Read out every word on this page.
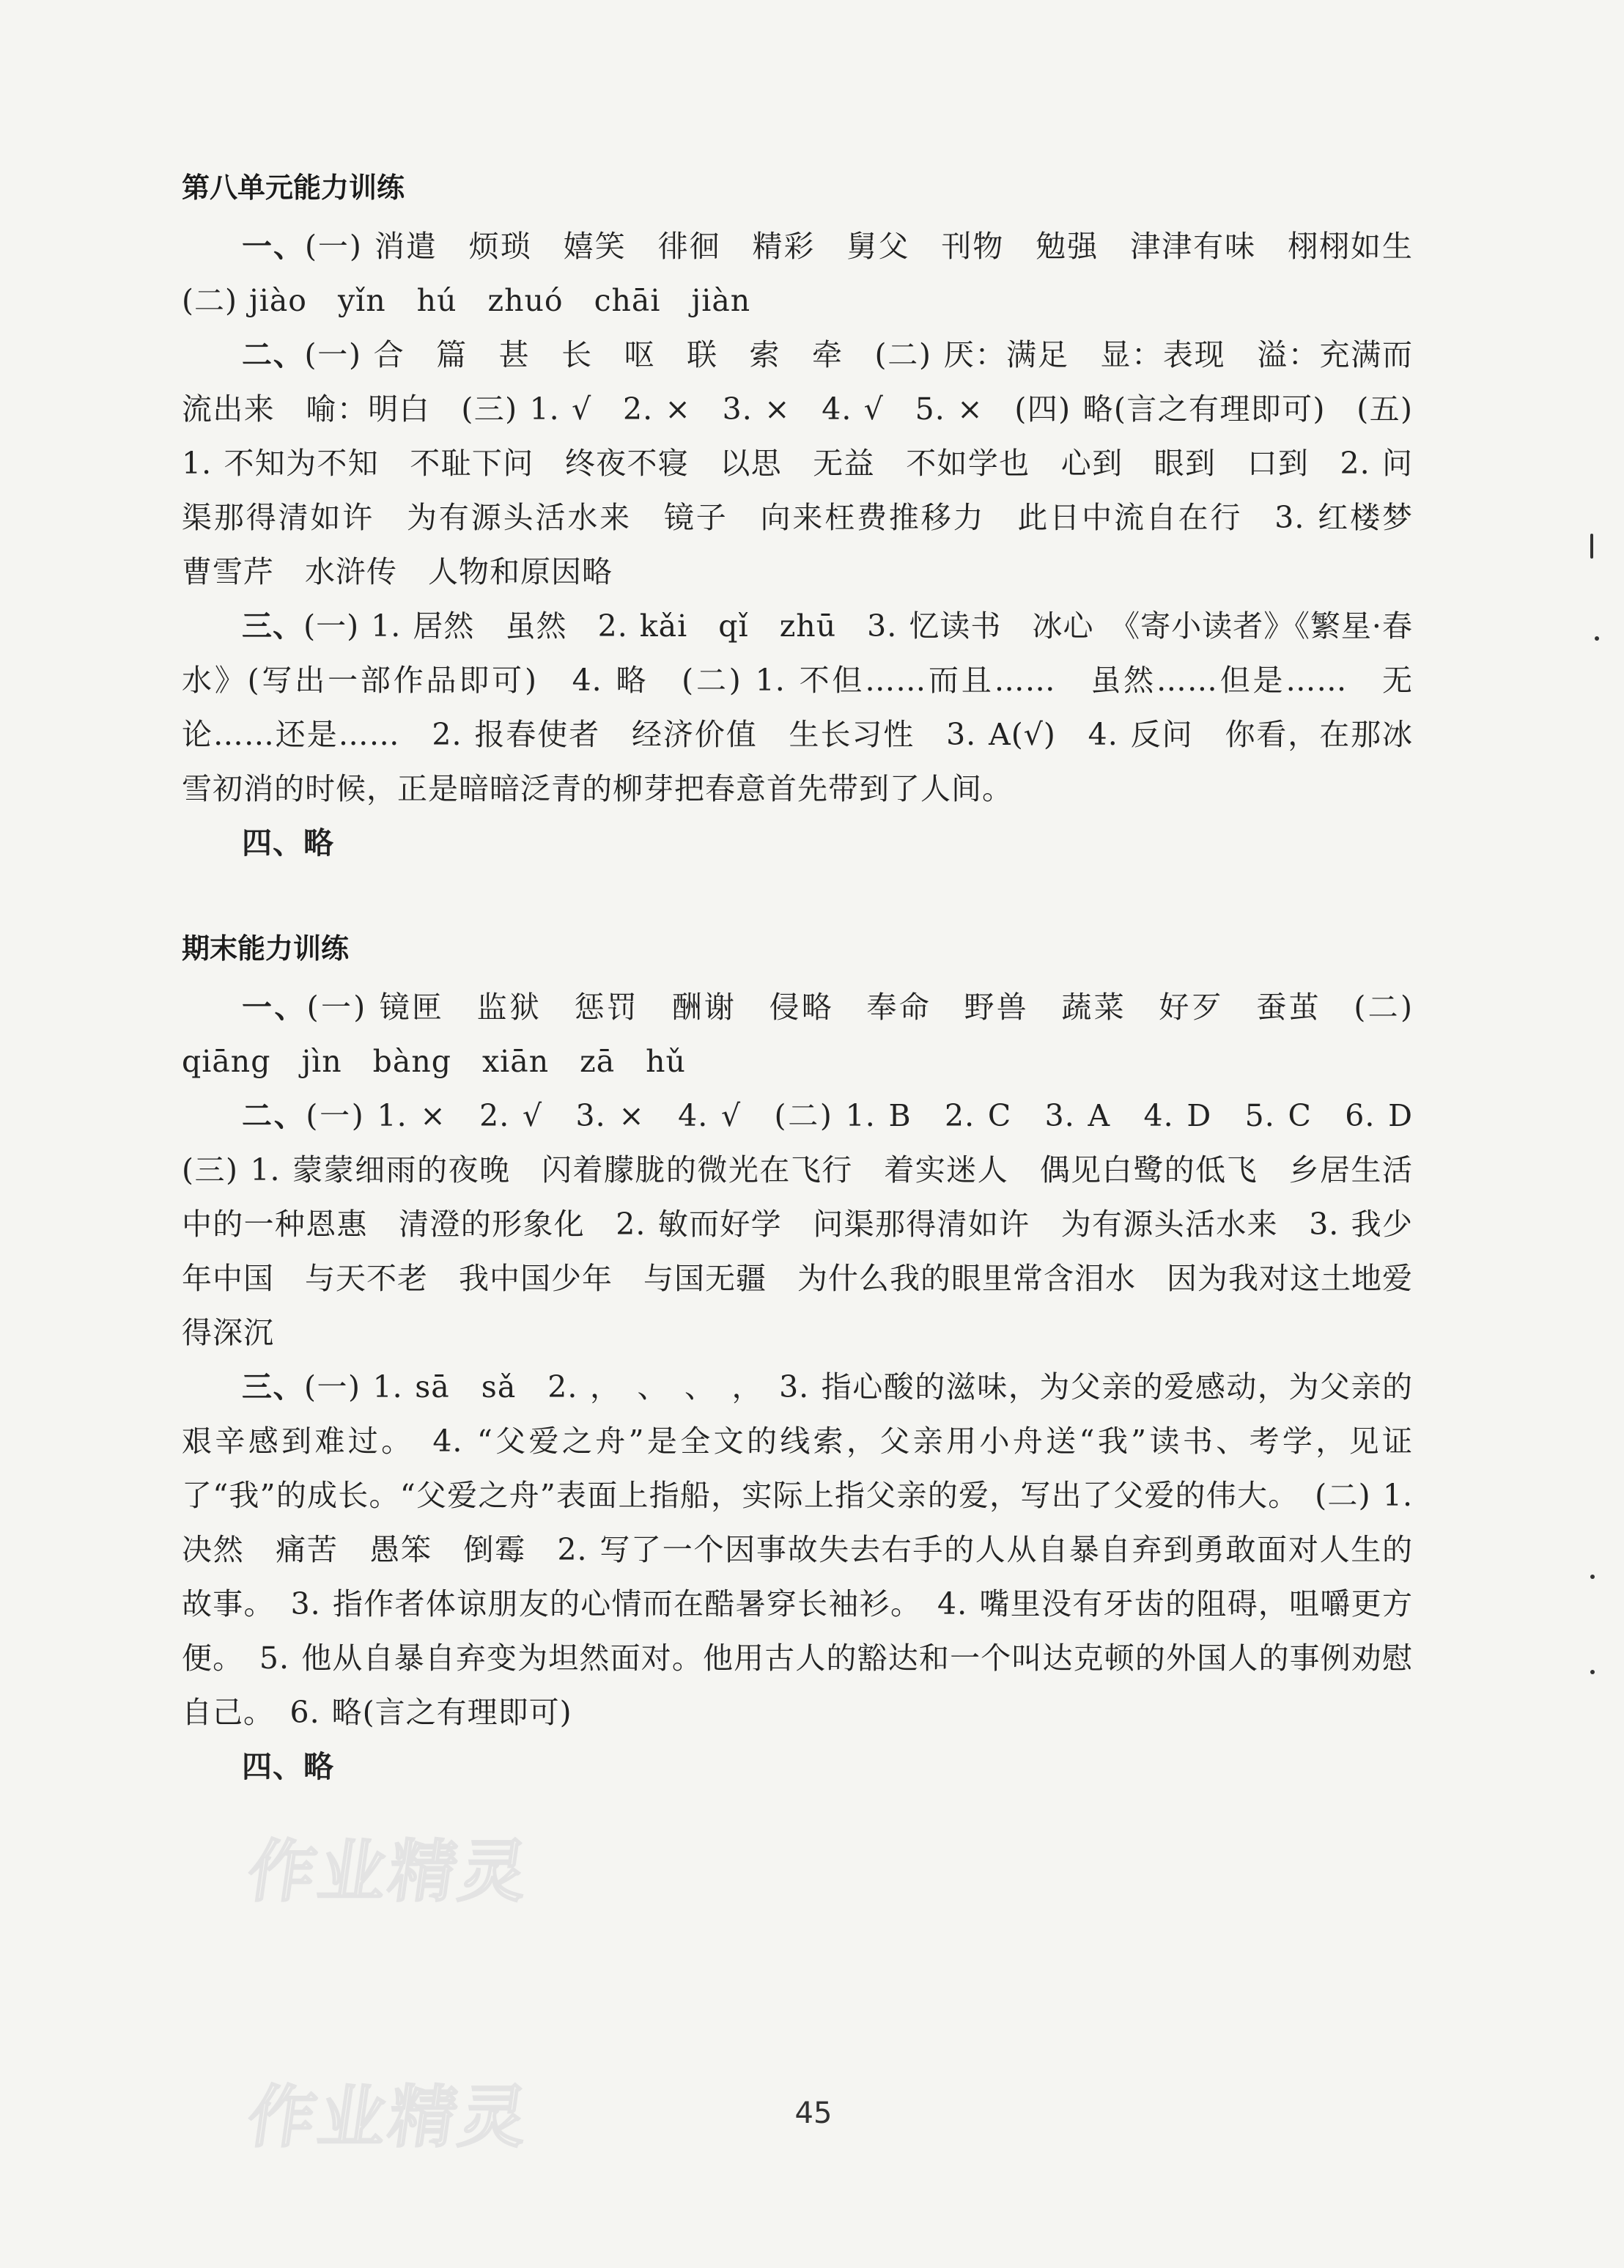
第八单元能力训练

一、(一) 消遣　烦琐　嬉笑　徘徊　精彩　舅父　刊物　勉强　津津有味　栩栩如生　(二) jiào　yǐn　hú　zhuó　chāi　jiàn

二、(一) 合　篇　甚　长　呕　联　索　牵　(二) 厌：满足　显：表现　溢：充满而流出来　喻：明白　(三) 1. √　2. ×　3. ×　4. √　5. ×　(四) 略(言之有理即可)　(五) 1. 不知为不知　不耻下问　终夜不寝　以思　无益　不如学也　心到　眼到　口到　2. 问渠那得清如许　为有源头活水来　镜子　向来枉费推移力　此日中流自在行　3. 红楼梦　曹雪芹　水浒传　人物和原因略

三、(一) 1. 居然　虽然　2. kǎi　qǐ　zhū　3. 忆读书　冰心　《寄小读者》《繁星·春水》(写出一部作品即可)　4. 略　(二) 1. 不但……而且……　虽然……但是……　无论……还是……　2. 报春使者　经济价值　生长习性　3. A(√)　4. 反问　你看，在那冰雪初消的时候，正是暗暗泛青的柳芽把春意首先带到了人间。

四、略

期末能力训练

一、(一) 镜匣　监狱　惩罚　酬谢　侵略　奉命　野兽　蔬菜　好歹　蚕茧　(二) qiāng　jìn　bàng　xiān　zā　hǔ

二、(一) 1. ×　2. √　3. ×　4. √　(二) 1. B　2. C　3. A　4. D　5. C　6. D　(三) 1. 蒙蒙细雨的夜晚　闪着朦胧的微光在飞行　着实迷人　偶见白鹭的低飞　乡居生活中的一种恩惠　清澄的形象化　2. 敏而好学　问渠那得清如许　为有源头活水来　3. 我少年中国　与天不老　我中国少年　与国无疆　为什么我的眼里常含泪水　因为我对这土地爱得深沉

三、(一) 1. sā　sǎ　2. ，　、　、　，　3. 指心酸的滋味，为父亲的爱感动，为父亲的艰辛感到难过。　4. “父爱之舟”是全文的线索，父亲用小舟送“我”读书、考学，见证了“我”的成长。“父爱之舟”表面上指船，实际上指父亲的爱，写出了父爱的伟大。　(二) 1. 决然　痛苦　愚笨　倒霉　2. 写了一个因事故失去右手的人从自暴自弃到勇敢面对人生的故事。　3. 指作者体谅朋友的心情而在酷暑穿长袖衫。　4. 嘴里没有牙齿的阻碍，咀嚼更方便。　5. 他从自暴自弃变为坦然面对。他用古人的豁达和一个叫达克顿的外国人的事例劝慰自己。　6. 略(言之有理即可)

四、略

作业精灵
作业精灵	45
